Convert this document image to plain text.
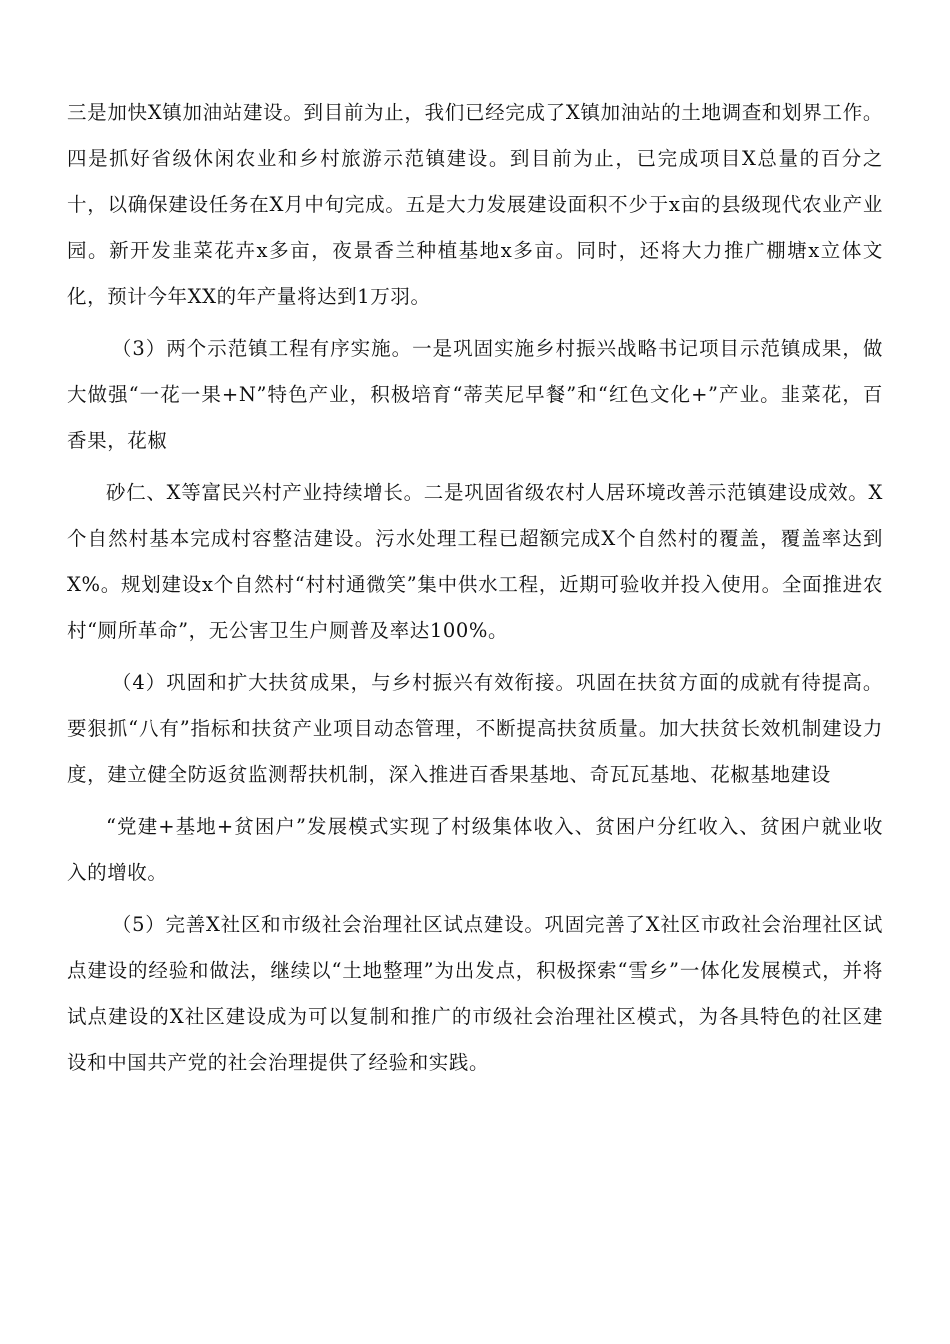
三是加快X镇加油站建设。到目前为止，我们已经完成了X镇加油站的土地调查和划界工作。四是抓好省级休闲农业和乡村旅游示范镇建设。到目前为止，已完成项目X总量的百分之十，以确保建设任务在X月中旬完成。五是大力发展建设面积不少于x亩的县级现代农业产业园。新开发韭菜花卉x多亩，夜景香兰种植基地x多亩。同时，还将大力推广棚塘x立体文化，预计今年XX的年产量将达到1万羽。

（3）两个示范镇工程有序实施。一是巩固实施乡村振兴战略书记项目示范镇成果，做大做强“一花一果+N”特色产业，积极培育“蒂芙尼早餐”和“红色文化+”产业。韭菜花，百香果，花椒

砂仁、X等富民兴村产业持续增长。二是巩固省级农村人居环境改善示范镇建设成效。X个自然村基本完成村容整洁建设。污水处理工程已超额完成X个自然村的覆盖，覆盖率达到X%。规划建设x个自然村“村村通微笑”集中供水工程，近期可验收并投入使用。全面推进农村“厕所革命”，无公害卫生户厕普及率达100%。

（4）巩固和扩大扶贫成果，与乡村振兴有效衔接。巩固在扶贫方面的成就有待提高。要狠抓“八有”指标和扶贫产业项目动态管理，不断提高扶贫质量。加大扶贫长效机制建设力度，建立健全防返贫监测帮扶机制，深入推进百香果基地、奇瓦瓦基地、花椒基地建设

“党建+基地+贫困户”发展模式实现了村级集体收入、贫困户分红收入、贫困户就业收入的增收。

（5）完善X社区和市级社会治理社区试点建设。巩固完善了X社区市政社会治理社区试点建设的经验和做法，继续以“土地整理”为出发点，积极探索“雪乡”一体化发展模式，并将试点建设的X社区建设成为可以复制和推广的市级社会治理社区模式，为各具特色的社区建设和中国共产党的社会治理提供了经验和实践。
